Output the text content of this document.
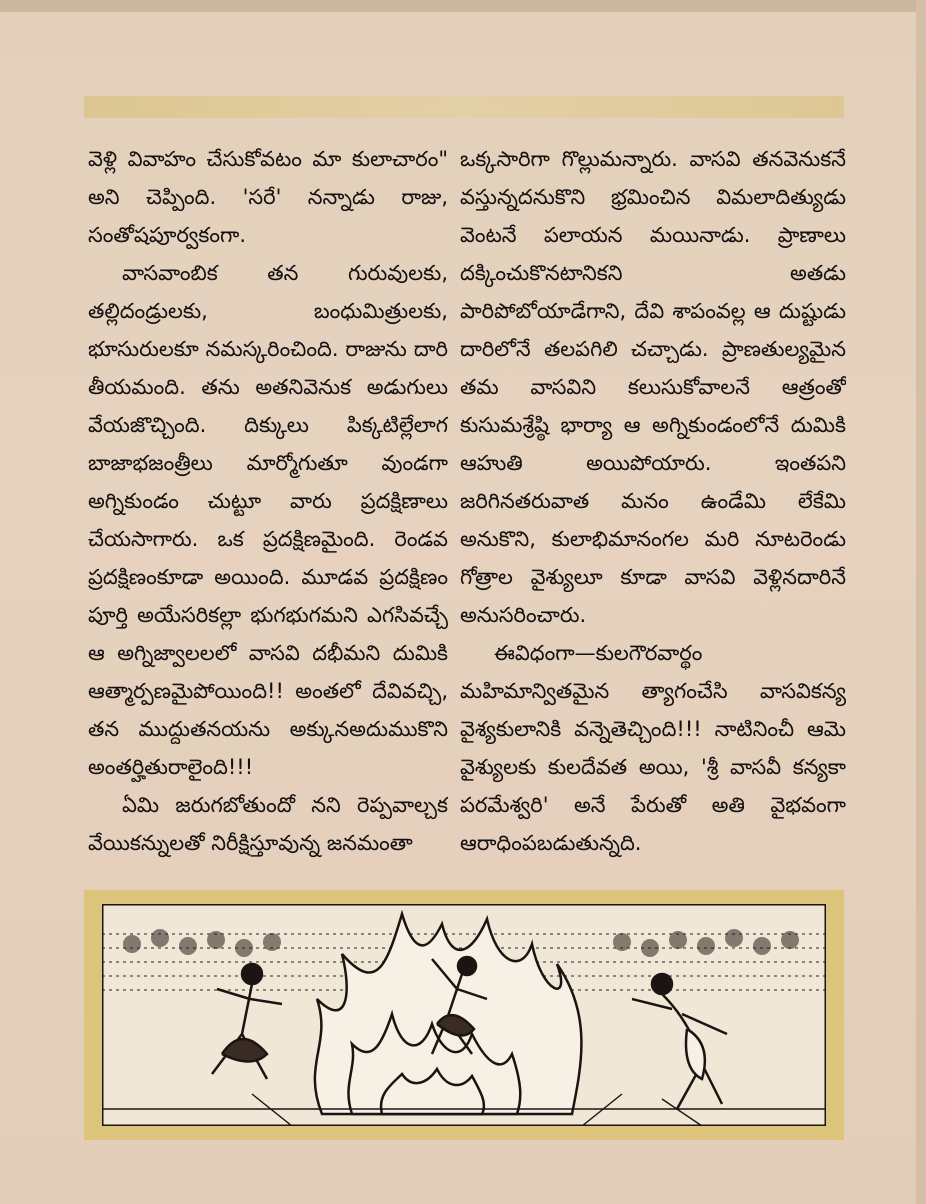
వెళ్లి వివాహం చేసుకోవటం మా కులాచారం" అని చెప్పింది. 'సరే' నన్నాడు రాజు, సంతోషపూర్వకంగా.

వాసవాంబిక తన గురువులకు, తల్లిదండ్రులకు, బంధుమిత్రులకు, భూసురులకూ నమస్కరించింది. రాజును దారి తీయమంది. తను అతనివెనుక అడుగులు వేయజొచ్చింది. దిక్కులు పిక్కటిల్లేలాగ బాజాభజంత్రీలు మార్మోగుతూ వుండగా అగ్నికుండం చుట్టూ వారు ప్రదక్షిణాలు చేయసాగారు. ఒక ప్రదక్షిణమైంది. రెండవ ప్రదక్షిణంకూడా అయింది. మూడవ ప్రదక్షిణం పూర్తి అయేసరికల్లా భుగభుగమని ఎగసివచ్చే ఆ అగ్నిజ్వాలలలో వాసవి దభీమని దుమికి ఆత్మార్పణమైపోయింది!! అంతలో దేవివచ్చి, తన ముద్దుతనయను అక్కునఅదుముకొని అంతర్హితురాలైంది!!!

ఏమి జరుగబోతుందో నని రెప్పవాల్చక వేయికన్నులతో నిరీక్షిస్తూవున్న జనమంతా

ఒక్కసారిగా గొల్లుమన్నారు. వాసవి తనవెనుకనే వస్తున్నదనుకొని భ్రమించిన విమలాదిత్యుడు వెంటనే పలాయన మయినాడు. ప్రాణాలు దక్కించుకొనటానికని అతడు పారిపోబోయాడేగాని, దేవి శాపంవల్ల ఆ దుష్టుడు దారిలోనే తలపగిలి చచ్చాడు. ప్రాణతుల్యమైన తమ వాసవిని కలుసుకోవాలనే ఆత్రంతో కుసుమశ్రేష్ఠి భార్యా ఆ అగ్నికుండంలోనే దుమికి ఆహుతి అయిపోయారు. ఇంతపని జరిగినతరువాత మనం ఉండేమి లేకేమి అనుకొని, కులాభిమానంగల మరి నూటరెండు గోత్రాల వైశ్యులూ కూడా వాసవి వెళ్లినదారినే అనుసరించారు.

ఈవిధంగా—కులగౌరవార్థం మహిమాన్వితమైన త్యాగంచేసి వాసవికన్య వైశ్యకులానికి వన్నెతెచ్చింది!!! నాటినించీ ఆమె వైశ్యులకు కులదేవత అయి, 'శ్రీ వాసవీ కన్యకా పరమేశ్వరి' అనే పేరుతో అతి వైభవంగా ఆరాధింపబడుతున్నది.
